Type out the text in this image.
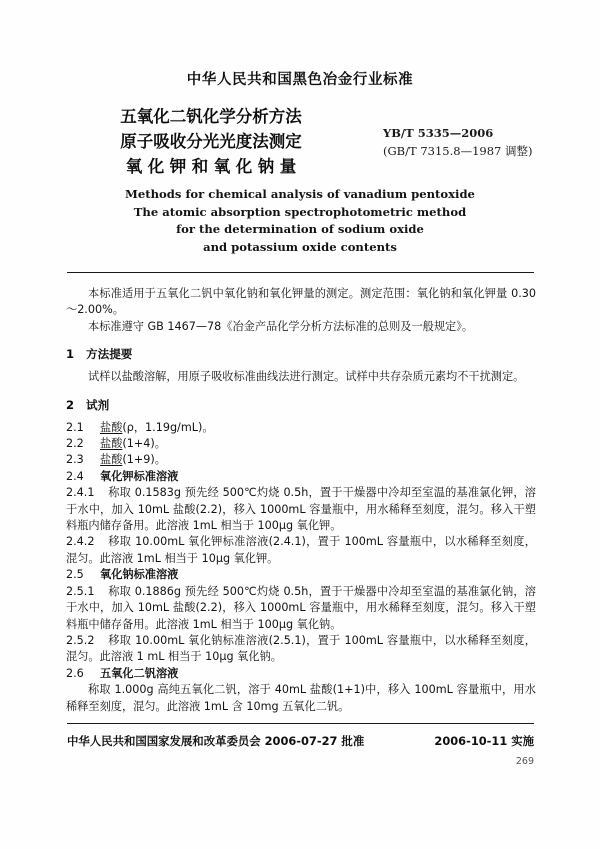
中华人民共和国黑色冶金行业标准
五氧化二钒化学分析方法
原子吸收分光光度法测定
氧化钾和氧化钠量
YB/T 5335—2006
(GB/T 7315.8—1987 调整)
Methods for chemical analysis of vanadium pentoxide
The atomic absorption spectrophotometric method
for the determination of sodium oxide
and potassium oxide contents

本标准适用于五氧化二钒中氧化钠和氧化钾量的测定。测定范围：氧化钠和氧化钾量 0.30～2.00%。

本标准遵守 GB 1467—78《冶金产品化学分析方法标准的总则及一般规定》。

1 方法提要

试样以盐酸溶解，用原子吸收标准曲线法进行测定。试样中共存杂质元素均不干扰测定。

2 试剂
2.1 盐酸(ρ，1.19g/mL)。
2.2 盐酸(1+4)。
2.3 盐酸(1+9)。
2.4 氧化钾标准溶液
2.4.1 称取 0.1583g 预先经 500℃灼烧 0.5h，置于干燥器中冷却至室温的基准氯化钾，溶于水中，加入 10mL 盐酸(2.2)，移入 1000mL 容量瓶中，用水稀释至刻度，混匀。移入干塑料瓶内储存备用。此溶液 1mL 相当于 100μg 氧化钾。
2.4.2 移取 10.00mL 氧化钾标准溶液(2.4.1)，置于 100mL 容量瓶中，以水稀释至刻度，混匀。此溶液 1mL 相当于 10μg 氧化钾。
2.5 氧化钠标准溶液
2.5.1 称取 0.1886g 预先经 500℃灼烧 0.5h，置于干燥器中冷却至室温的基准氯化钠，溶于水中，加入 10mL 盐酸(2.2)，移入 1000mL 容量瓶中，用水稀释至刻度，混匀。移入干塑料瓶中储存备用。此溶液 1mL 相当于 100μg 氧化钠。
2.5.2 移取 10.00mL 氧化钠标准溶液(2.5.1)，置于 100mL 容量瓶中，以水稀释至刻度，混匀。此溶液 1 mL 相当于 10μg 氧化钠。
2.6 五氧化二钒溶液

称取 1.000g 高纯五氧化二钒，溶于 40mL 盐酸(1+1)中，移入 100mL 容量瓶中，用水稀释至刻度，混匀。此溶液 1mL 含 10mg 五氧化二钒。

中华人民共和国国家发展和改革委员会 2006-07-27 批准	2006-10-11 实施
269
